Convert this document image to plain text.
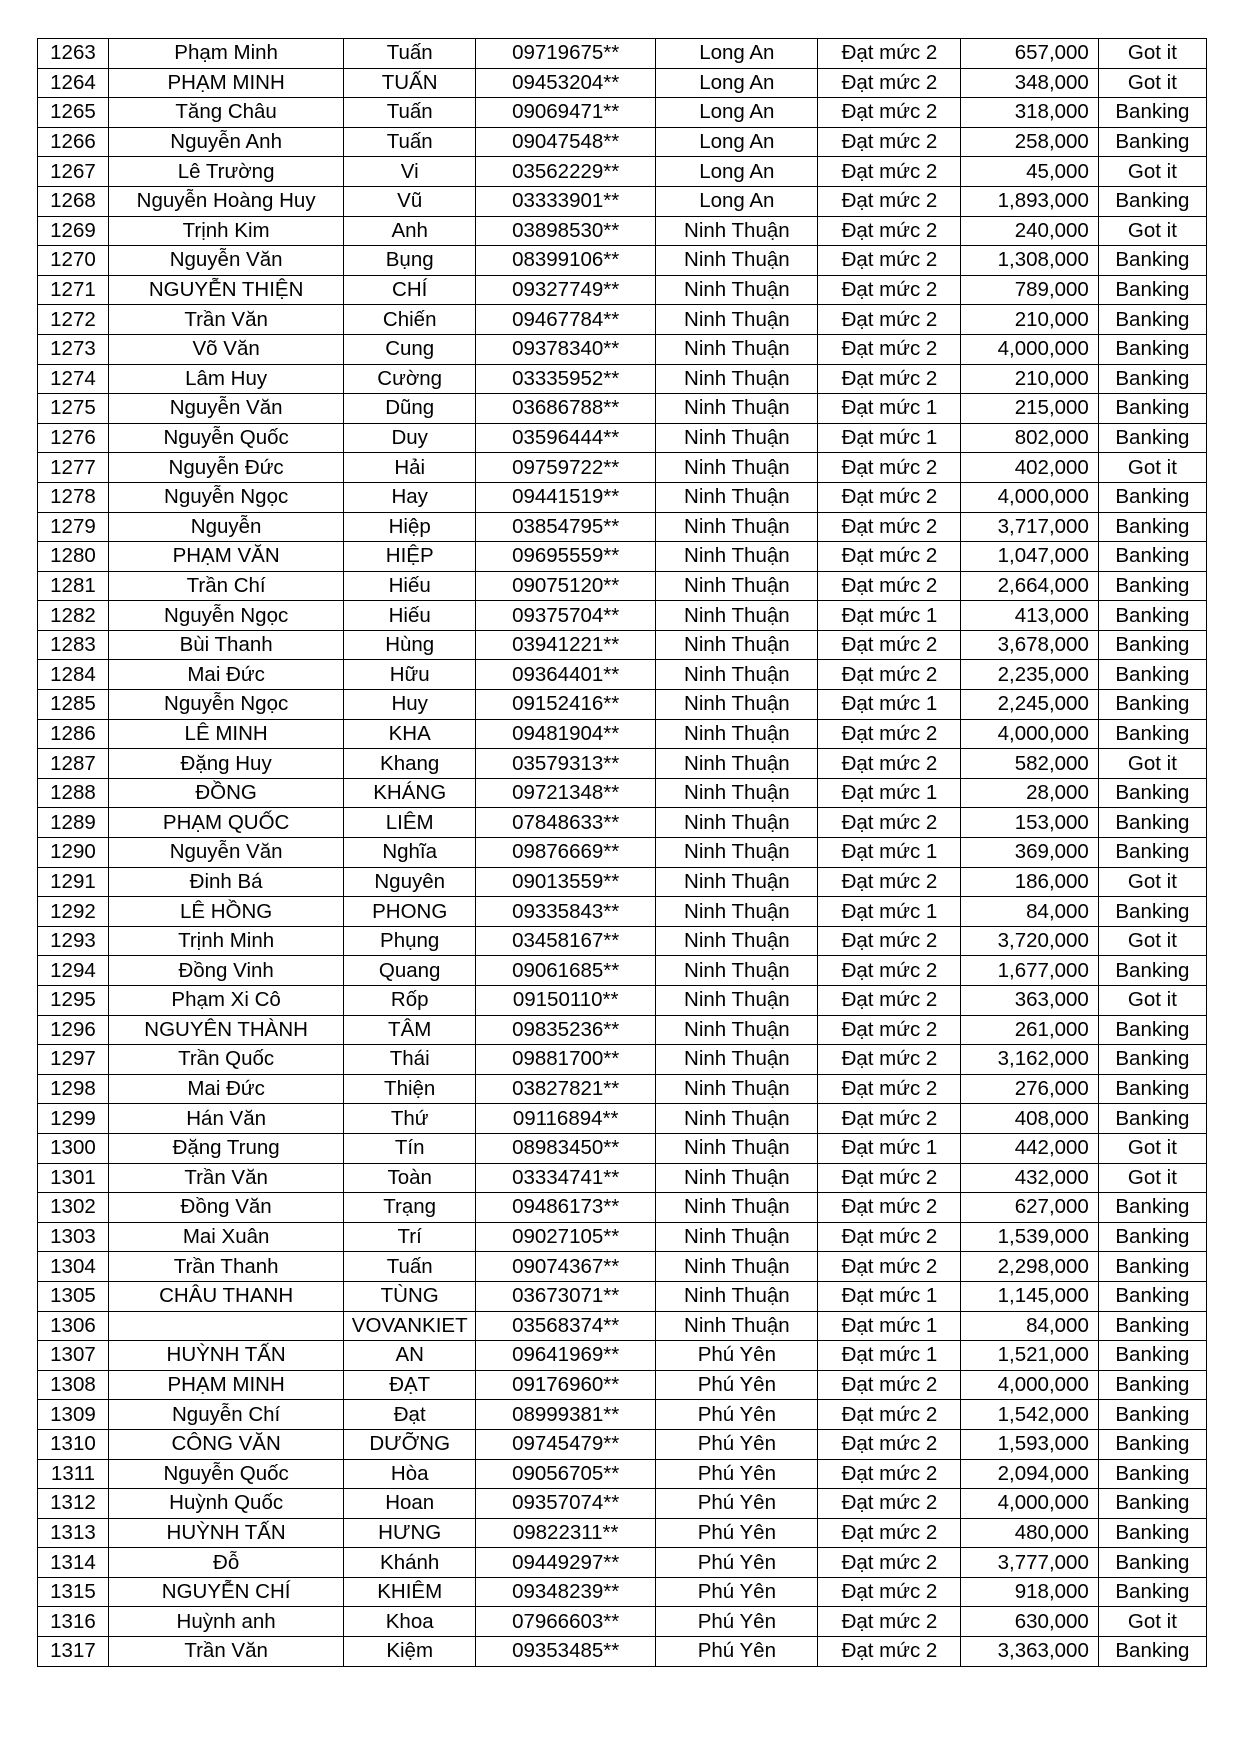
1263	Phạm Minh	Tuấn	09719675**	Long An	Đạt mức 2	657,000	Got it
1264	PHẠM MINH	TUẤN	09453204**	Long An	Đạt mức 2	348,000	Got it
1265	Tăng Châu	Tuấn	09069471**	Long An	Đạt mức 2	318,000	Banking
1266	Nguyễn Anh	Tuấn	09047548**	Long An	Đạt mức 2	258,000	Banking
1267	Lê Trường	Vi	03562229**	Long An	Đạt mức 2	45,000	Got it
1268	Nguyễn Hoàng Huy	Vũ	03333901**	Long An	Đạt mức 2	1,893,000	Banking
1269	Trịnh Kim	Anh	03898530**	Ninh Thuận	Đạt mức 2	240,000	Got it
1270	Nguyễn Văn	Bụng	08399106**	Ninh Thuận	Đạt mức 2	1,308,000	Banking
1271	NGUYỄN THIỆN	CHÍ	09327749**	Ninh Thuận	Đạt mức 2	789,000	Banking
1272	Trần Văn	Chiến	09467784**	Ninh Thuận	Đạt mức 2	210,000	Banking
1273	Võ Văn	Cung	09378340**	Ninh Thuận	Đạt mức 2	4,000,000	Banking
1274	Lâm Huy	Cường	03335952**	Ninh Thuận	Đạt mức 2	210,000	Banking
1275	Nguyễn Văn	Dũng	03686788**	Ninh Thuận	Đạt mức 1	215,000	Banking
1276	Nguyễn Quốc	Duy	03596444**	Ninh Thuận	Đạt mức 1	802,000	Banking
1277	Nguyễn Đức	Hải	09759722**	Ninh Thuận	Đạt mức 2	402,000	Got it
1278	Nguyễn Ngọc	Hay	09441519**	Ninh Thuận	Đạt mức 2	4,000,000	Banking
1279	Nguyễn	Hiệp	03854795**	Ninh Thuận	Đạt mức 2	3,717,000	Banking
1280	PHẠM VĂN	HIỆP	09695559**	Ninh Thuận	Đạt mức 2	1,047,000	Banking
1281	Trần Chí	Hiếu	09075120**	Ninh Thuận	Đạt mức 2	2,664,000	Banking
1282	Nguyễn Ngọc	Hiếu	09375704**	Ninh Thuận	Đạt mức 1	413,000	Banking
1283	Bùi Thanh	Hùng	03941221**	Ninh Thuận	Đạt mức 2	3,678,000	Banking
1284	Mai Đức	Hữu	09364401**	Ninh Thuận	Đạt mức 2	2,235,000	Banking
1285	Nguyễn Ngọc	Huy	09152416**	Ninh Thuận	Đạt mức 1	2,245,000	Banking
1286	LÊ MINH	KHA	09481904**	Ninh Thuận	Đạt mức 2	4,000,000	Banking
1287	Đặng Huy	Khang	03579313**	Ninh Thuận	Đạt mức 2	582,000	Got it
1288	ĐỒNG	KHÁNG	09721348**	Ninh Thuận	Đạt mức 1	28,000	Banking
1289	PHẠM QUỐC	LIÊM	07848633**	Ninh Thuận	Đạt mức 2	153,000	Banking
1290	Nguyễn Văn	Nghĩa	09876669**	Ninh Thuận	Đạt mức 1	369,000	Banking
1291	Đinh Bá	Nguyên	09013559**	Ninh Thuận	Đạt mức 2	186,000	Got it
1292	LÊ HỒNG	PHONG	09335843**	Ninh Thuận	Đạt mức 1	84,000	Banking
1293	Trịnh Minh	Phụng	03458167**	Ninh Thuận	Đạt mức 2	3,720,000	Got it
1294	Đồng Vinh	Quang	09061685**	Ninh Thuận	Đạt mức 2	1,677,000	Banking
1295	Phạm Xi Cô	Rốp	09150110**	Ninh Thuận	Đạt mức 2	363,000	Got it
1296	NGUYÊN THÀNH	TÂM	09835236**	Ninh Thuận	Đạt mức 2	261,000	Banking
1297	Trần Quốc	Thái	09881700**	Ninh Thuận	Đạt mức 2	3,162,000	Banking
1298	Mai Đức	Thiện	03827821**	Ninh Thuận	Đạt mức 2	276,000	Banking
1299	Hán Văn	Thứ	09116894**	Ninh Thuận	Đạt mức 2	408,000	Banking
1300	Đặng Trung	Tín	08983450**	Ninh Thuận	Đạt mức 1	442,000	Got it
1301	Trần Văn	Toàn	03334741**	Ninh Thuận	Đạt mức 2	432,000	Got it
1302	Đồng Văn	Trạng	09486173**	Ninh Thuận	Đạt mức 2	627,000	Banking
1303	Mai Xuân	Trí	09027105**	Ninh Thuận	Đạt mức 2	1,539,000	Banking
1304	Trần Thanh	Tuấn	09074367**	Ninh Thuận	Đạt mức 2	2,298,000	Banking
1305	CHÂU THANH	TÙNG	03673071**	Ninh Thuận	Đạt mức 1	1,145,000	Banking
1306		VOVANKIET	03568374**	Ninh Thuận	Đạt mức 1	84,000	Banking
1307	HUỲNH TẤN	AN	09641969**	Phú Yên	Đạt mức 1	1,521,000	Banking
1308	PHẠM MINH	ĐẠT	09176960**	Phú Yên	Đạt mức 2	4,000,000	Banking
1309	Nguyễn Chí	Đạt	08999381**	Phú Yên	Đạt mức 2	1,542,000	Banking
1310	CÔNG VĂN	DƯỠNG	09745479**	Phú Yên	Đạt mức 2	1,593,000	Banking
1311	Nguyễn Quốc	Hòa	09056705**	Phú Yên	Đạt mức 2	2,094,000	Banking
1312	Huỳnh Quốc	Hoan	09357074**	Phú Yên	Đạt mức 2	4,000,000	Banking
1313	HUỲNH TẤN	HƯNG	09822311**	Phú Yên	Đạt mức 2	480,000	Banking
1314	Đỗ	Khánh	09449297**	Phú Yên	Đạt mức 2	3,777,000	Banking
1315	NGUYỄN CHÍ	KHIÊM	09348239**	Phú Yên	Đạt mức 2	918,000	Banking
1316	Huỳnh anh	Khoa	07966603**	Phú Yên	Đạt mức 2	630,000	Got it
1317	Trần Văn	Kiệm	09353485**	Phú Yên	Đạt mức 2	3,363,000	Banking
